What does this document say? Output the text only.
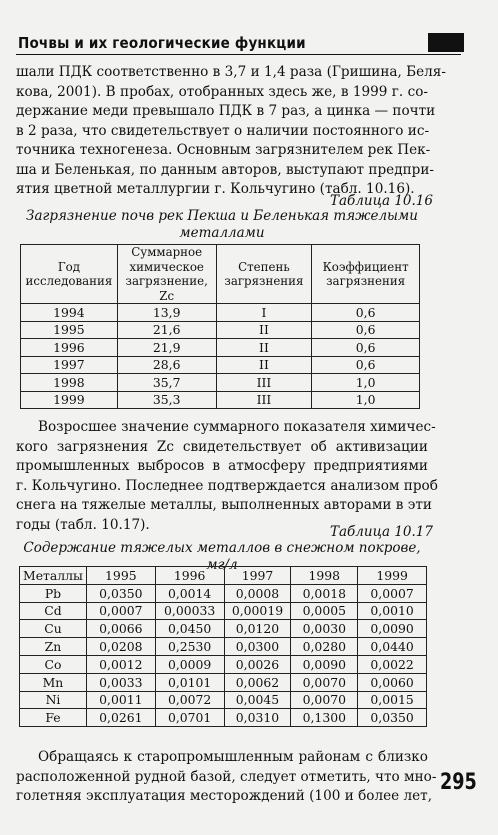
Почвы и их геологические функции

шали ПДК соответственно в 3,7 и 1,4 раза (Гришина, Беля-
кова, 2001). В пробах, отобранных здесь же, в 1999 г. со-
держание меди превышало ПДК в 7 раз, а цинка — почти
в 2 раза, что свидетельствует о наличии постоянного ис-
точника техногенеза. Основным загрязнителем рек Пек-
ша и Беленькая, по данным авторов, выступают предпри-
ятия цветной металлургии г. Кольчугино (табл. 10.16).

Таблица 10.16
Загрязнение почв рек Пекша и Беленькая тяжелыми
металлами
Год исследования	Суммарное химическое загрязнение, Zc	Степень загрязнения	Коэффициент загрязнения
1994	13,9	I	0,6
1995	21,6	II	0,6
1996	21,9	II	0,6
1997	28,6	II	0,6
1998	35,7	III	1,0
1999	35,3	III	1,0

Возросшее значение суммарного показателя химичес-
кого загрязнения Zc свидетельствует об активизации
промышленных выбросов в атмосферу предприятиями
г. Кольчугино. Последнее подтверждается анализом проб
снега на тяжелые металлы, выполненных авторами в эти
годы (табл. 10.17).	Таблица 10.17
Содержание тяжелых металлов в снежном покрове, мг/л
Металлы	1995	1996	1997	1998	1999
Pb	0,0350	0,0014	0,0008	0,0018	0,0007
Cd	0,0007	0,00033	0,00019	0,0005	0,0010
Cu	0,0066	0,0450	0,0120	0,0030	0,0090
Zn	0,0208	0,2530	0,0300	0,0280	0,0440
Co	0,0012	0,0009	0,0026	0,0090	0,0022
Mn	0,0033	0,0101	0,0062	0,0070	0,0060
Ni	0,0011	0,0072	0,0045	0,0070	0,0015
Fe	0,0261	0,0701	0,0310	0,1300	0,0350

Обращаясь к старопромышленным районам с близко
расположенной рудной базой, следует отметить, что мно-
голетняя эксплуатация месторождений (100 и более лет,

295
